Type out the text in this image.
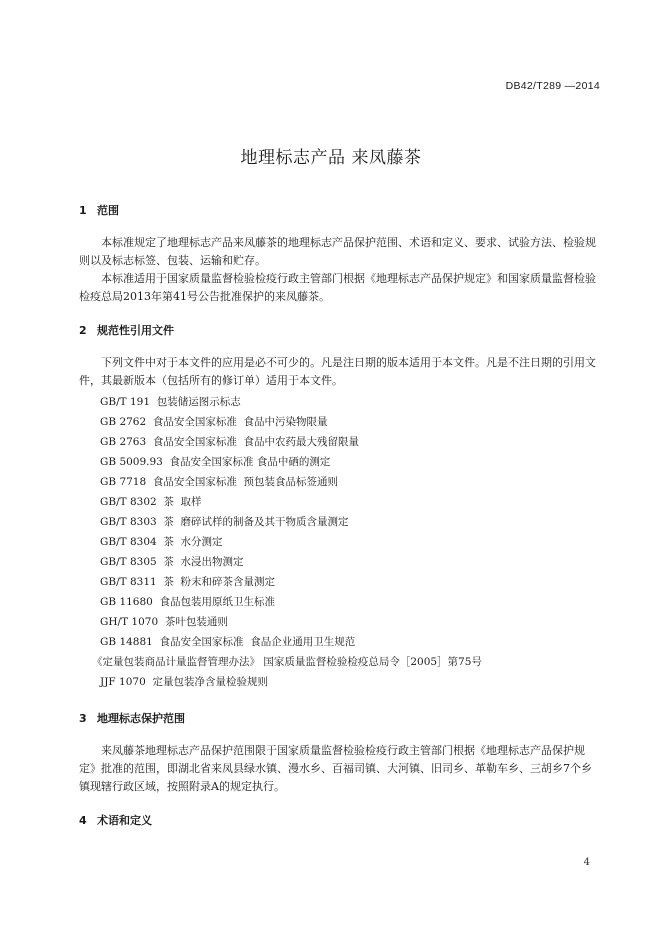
DB42/T289 —2014
地理标志产品 来凤藤茶
1 范围
本标准规定了地理标志产品来凤藤茶的地理标志产品保护范围、术语和定义、要求、试验方法、检验规则以及标志标签、包装、运输和贮存。
本标准适用于国家质量监督检验检疫行政主管部门根据《地理标志产品保护规定》和国家质量监督检验检疫总局2013年第41号公告批准保护的来凤藤茶。
2 规范性引用文件
下列文件中对于本文件的应用是必不可少的。凡是注日期的版本适用于本文件。凡是不注日期的引用文件，其最新版本（包括所有的修订单）适用于本文件。
GB/T 191  包装储运图示标志
GB 2762  食品安全国家标准  食品中污染物限量
GB 2763  食品安全国家标准  食品中农药最大残留限量
GB 5009.93  食品安全国家标准 食品中硒的测定
GB 7718  食品安全国家标准  预包装食品标签通则
GB/T 8302  茶  取样
GB/T 8303  茶  磨碎试样的制备及其干物质含量测定
GB/T 8304  茶  水分测定
GB/T 8305  茶  水浸出物测定
GB/T 8311  茶  粉末和碎茶含量测定
GB 11680  食品包装用原纸卫生标准
GH/T 1070  茶叶包装通则
GB 14881  食品安全国家标准  食品企业通用卫生规范
《定量包装商品计量监督管理办法》 国家质量监督检验检疫总局令［2005］第75号
JJF 1070  定量包装净含量检验规则
3 地理标志保护范围
来凤藤茶地理标志产品保护范围限于国家质量监督检验检疫行政主管部门根据《地理标志产品保护规定》批准的范围，即湖北省来凤县绿水镇、漫水乡、百福司镇、大河镇、旧司乡、革勒车乡、三胡乡7个乡镇现辖行政区域，按照附录A的规定执行。
4 术语和定义
4
